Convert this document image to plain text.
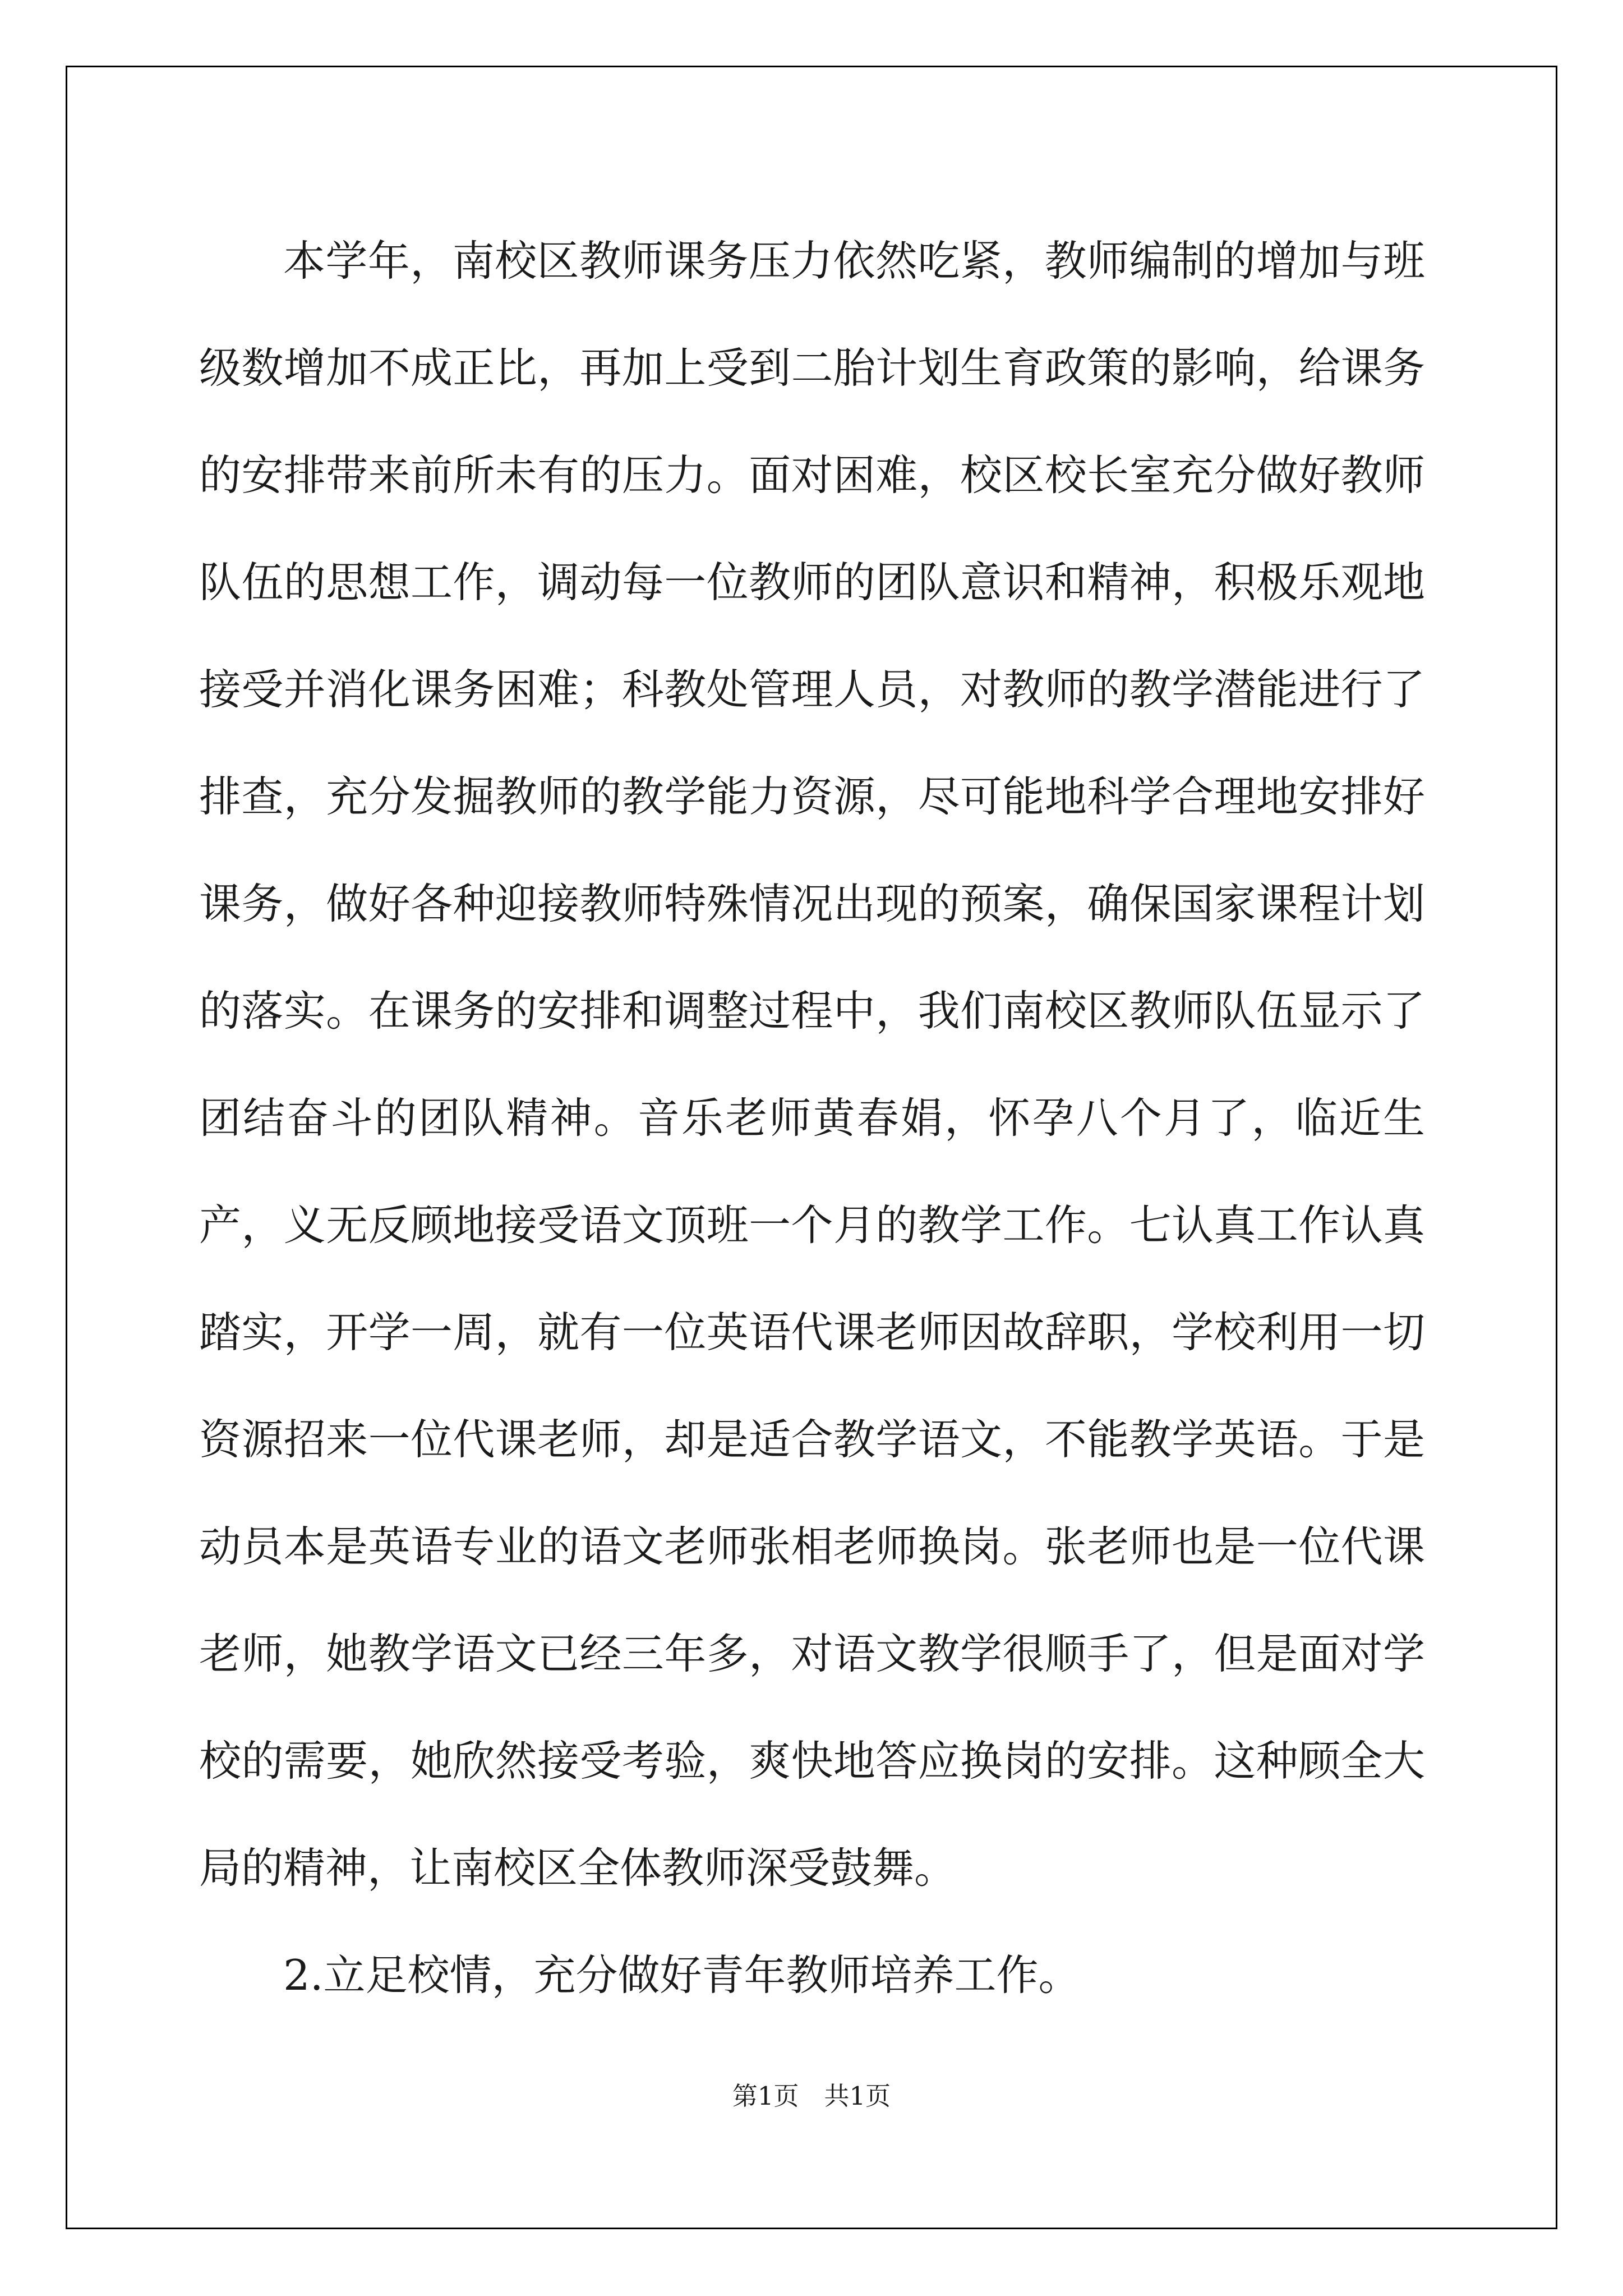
本学年，南校区教师课务压力依然吃紧，教师编制的增加与班级数增加不成正比，再加上受到二胎计划生育政策的影响，给课务的安排带来前所未有的压力。面对困难，校区校长室充分做好教师队伍的思想工作，调动每一位教师的团队意识和精神，积极乐观地接受并消化课务困难；科教处管理人员，对教师的教学潜能进行了排查，充分发掘教师的教学能力资源，尽可能地科学合理地安排好课务，做好各种迎接教师特殊情况出现的预案，确保国家课程计划的落实。在课务的安排和调整过程中，我们南校区教师队伍显示了团结奋斗的团队精神。音乐老师黄春娟，怀孕八个月了，临近生产，义无反顾地接受语文顶班一个月的教学工作。七认真工作认真踏实，开学一周，就有一位英语代课老师因故辞职，学校利用一切资源招来一位代课老师，却是适合教学语文，不能教学英语。于是动员本是英语专业的语文老师张相老师换岗。张老师也是一位代课老师，她教学语文已经三年多，对语文教学很顺手了，但是面对学校的需要，她欣然接受考验，爽快地答应换岗的安排。这种顾全大局的精神，让南校区全体教师深受鼓舞。

2.立足校情，充分做好青年教师培养工作。

第1页　共1页
